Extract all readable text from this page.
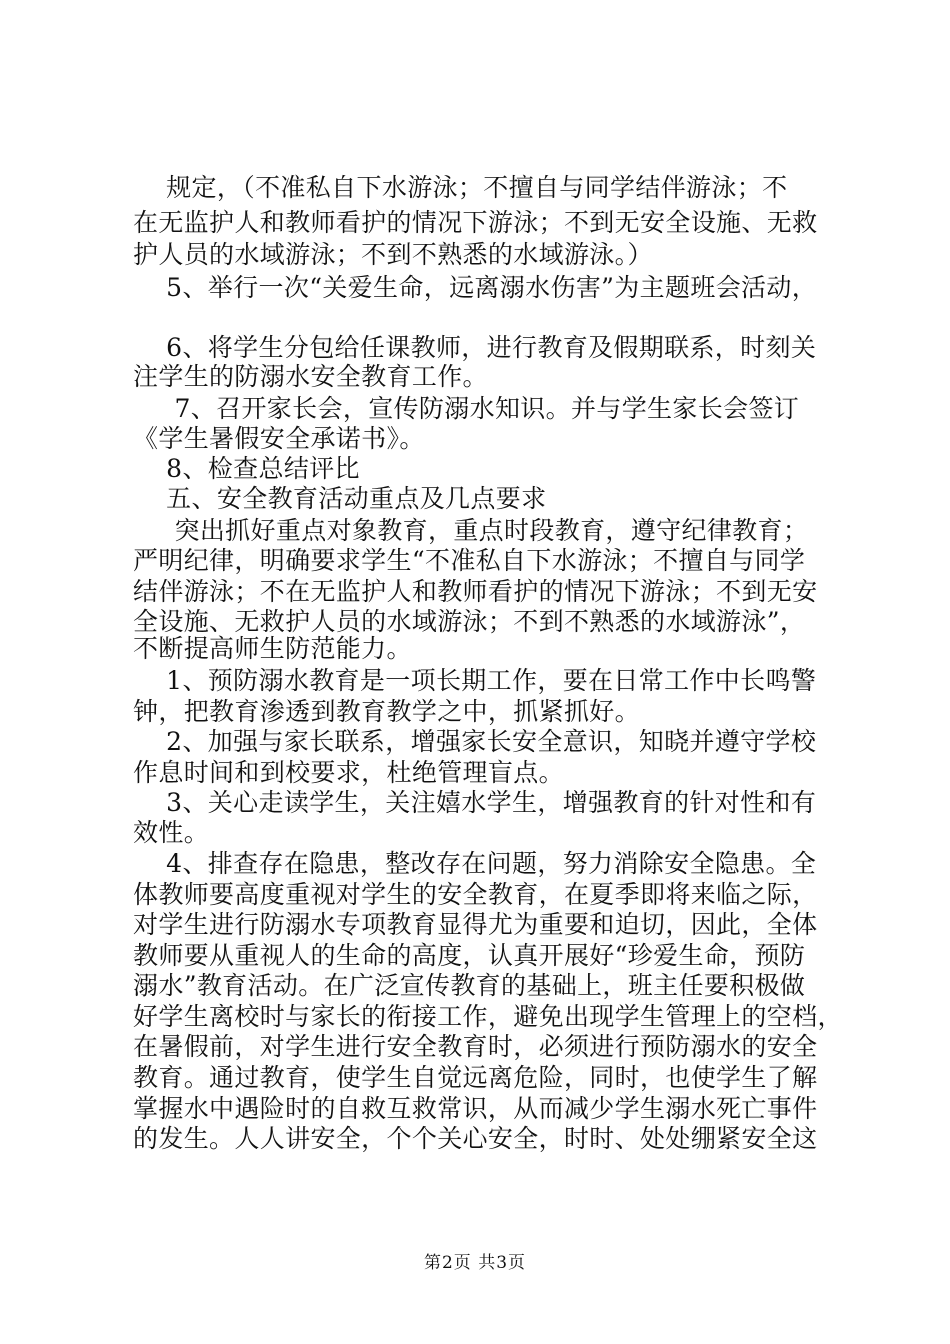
规定，（不准私自下水游泳；不擅自与同学结伴游泳；不
在无监护人和教师看护的情况下游泳；不到无安全设施、无救
护人员的水域游泳；不到不熟悉的水域游泳。）
5、举行一次“关爱生命，远离溺水伤害”为主题班会活动，
6、将学生分包给任课教师，进行教育及假期联系，时刻关
注学生的防溺水安全教育工作。
7、召开家长会，宣传防溺水知识。并与学生家长会签订
《学生暑假安全承诺书》。
8、检查总结评比
五、安全教育活动重点及几点要求
突出抓好重点对象教育，重点时段教育，遵守纪律教育；
严明纪律，明确要求学生“不准私自下水游泳；不擅自与同学
结伴游泳；不在无监护人和教师看护的情况下游泳；不到无安
全设施、无救护人员的水域游泳；不到不熟悉的水域游泳”，
不断提高师生防范能力。
1、预防溺水教育是一项长期工作，要在日常工作中长鸣警
钟，把教育渗透到教育教学之中，抓紧抓好。
2、加强与家长联系，增强家长安全意识，知晓并遵守学校
作息时间和到校要求，杜绝管理盲点。
3、关心走读学生，关注嬉水学生，增强教育的针对性和有
效性。
4、排查存在隐患，整改存在问题，努力消除安全隐患。全
体教师要高度重视对学生的安全教育，在夏季即将来临之际，
对学生进行防溺水专项教育显得尤为重要和迫切，因此，全体
教师要从重视人的生命的高度，认真开展好“珍爱生命，预防
溺水”教育活动。在广泛宣传教育的基础上，班主任要积极做
好学生离校时与家长的衔接工作，避免出现学生管理上的空档，
在暑假前，对学生进行安全教育时，必须进行预防溺水的安全
教育。通过教育，使学生自觉远离危险，同时，也使学生了解
掌握水中遇险时的自救互救常识，从而减少学生溺水死亡事件
的发生。人人讲安全，个个关心安全，时时、处处绷紧安全这
第2页 共3页
